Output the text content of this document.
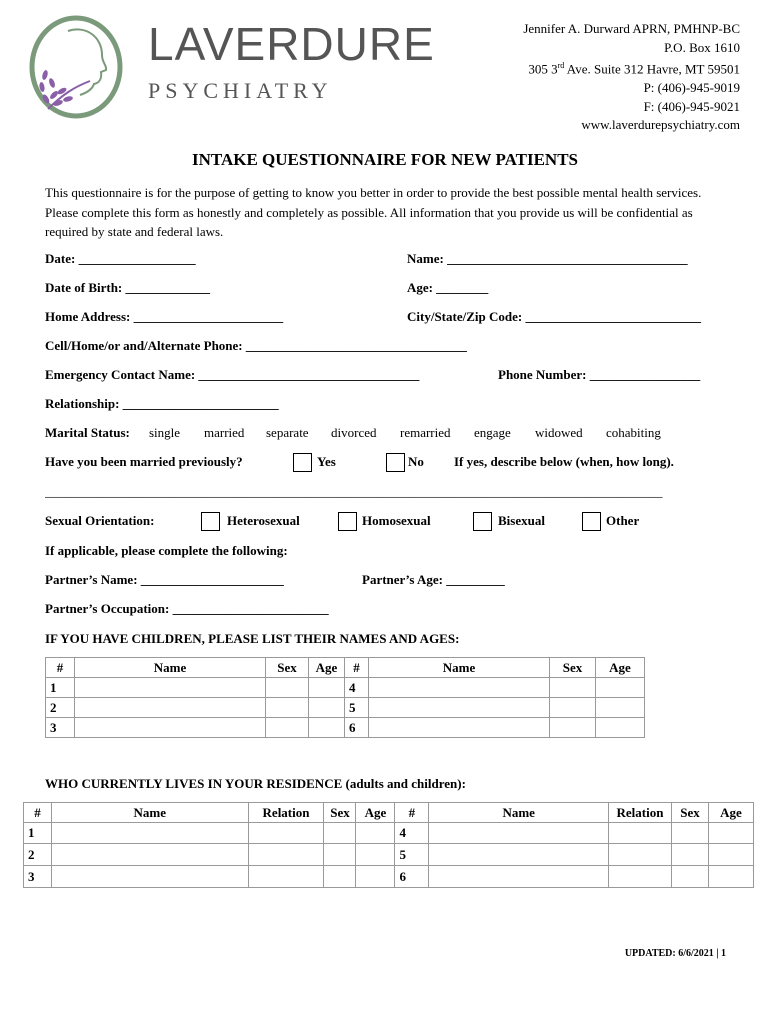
LAVERDURE
PSYCHIATRY
Jennifer A. Durward APRN, PMHNP-BC
P.O. Box 1610
305 3rd Ave. Suite 312 Havre, MT 59501
P: (406)-945-9019
F: (406)-945-9021
www.laverdurepsychiatry.com
INTAKE QUESTIONNAIRE FOR NEW PATIENTS
This questionnaire is for the purpose of getting to know you better in order to provide the best possible mental health services. Please complete this form as honestly and completely as possible. All information that you provide us will be confidential as required by state and federal laws.
Date: __________________	Name: _____________________________________
Date of Birth: _____________	Age: ________
Home Address: _______________________	City/State/Zip Code: ___________________________
Cell/Home/or and/Alternate Phone: __________________________________
Emergency Contact Name: __________________________________	Phone Number: _________________
Relationship: ________________________
Marital Status: single married separate divorced remarried engage widowed cohabiting
Have you been married previously?	Yes	No If yes, describe below (when, how long).
_______________________________________________________________________________________________
Sexual Orientation:	Heterosexual	Homosexual	Bisexual	Other
If applicable, please complete the following:
Partner’s Name: ______________________	Partner’s Age: _________
Partner’s Occupation: ________________________
IF YOU HAVE CHILDREN, PLEASE LIST THEIR NAMES AND AGES:
#	Name	Sex	Age	#	Name	Sex	Age
1				4			
2				5			
3				6			
WHO CURRENTLY LIVES IN YOUR RESIDENCE (adults and children):
#	Name	Relation	Sex	Age	#	Name	Relation	Sex	Age
1					4				
2					5				
3					6				
UPDATED: 6/6/2021 | 1
